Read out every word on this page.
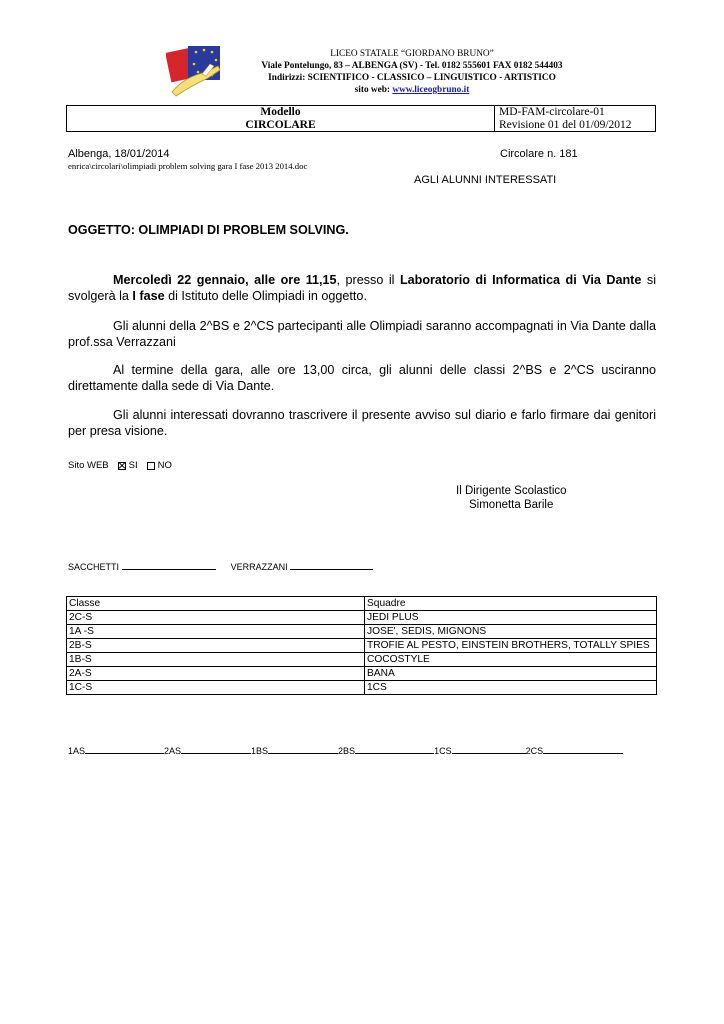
LICEO STATALE “GIORDANO BRUNO”
Viale Pontelungo, 83 – ALBENGA (SV) - Tel. 0182 555601 FAX 0182 544403
Indirizzi: SCIENTIFICO - CLASSICO – LINGUISTICO - ARTISTICO
sito web: www.liceogbruno.it
Modello
CIRCOLARE
MD-FAM-circolare-01
Revisione 01 del 01/09/2012
Albenga, 18/01/2014	Circolare n. 181
enrica\circolari\olimpiadi problem solving gara I fase 2013 2014.doc
AGLI ALUNNI INTERESSATI
OGGETTO: OLIMPIADI DI PROBLEM SOLVING.
Mercoledì 22 gennaio, alle ore 11,15, presso il Laboratorio di Informatica di Via Dante si svolgerà la I fase di Istituto delle Olimpiadi in oggetto.
Gli alunni della 2^BS e 2^CS partecipanti alle Olimpiadi saranno accompagnati in Via Dante dalla prof.ssa Verrazzani
Al termine della gara, alle ore 13,00 circa, gli alunni delle classi 2^BS e 2^CS usciranno direttamente dalla sede di Via Dante.
Gli alunni interessati dovranno trascrivere il presente avviso sul diario e farlo firmare dai genitori per presa visione.
Sito WEB SI NO
Il Dirigente Scolastico
Simonetta Barile
SACCHETTI	VERRAZZANI
Classe	Squadre
2C-S	JEDI PLUS
1A -S	JOSE', SEDIS, MIGNONS
2B-S	TROFIE AL PESTO, EINSTEIN BROTHERS, TOTALLY SPIES
1B-S	COCOSTYLE
2A-S	BANA
1C-S	1CS
1AS	2AS	1BS	2BS	1CS	2CS
